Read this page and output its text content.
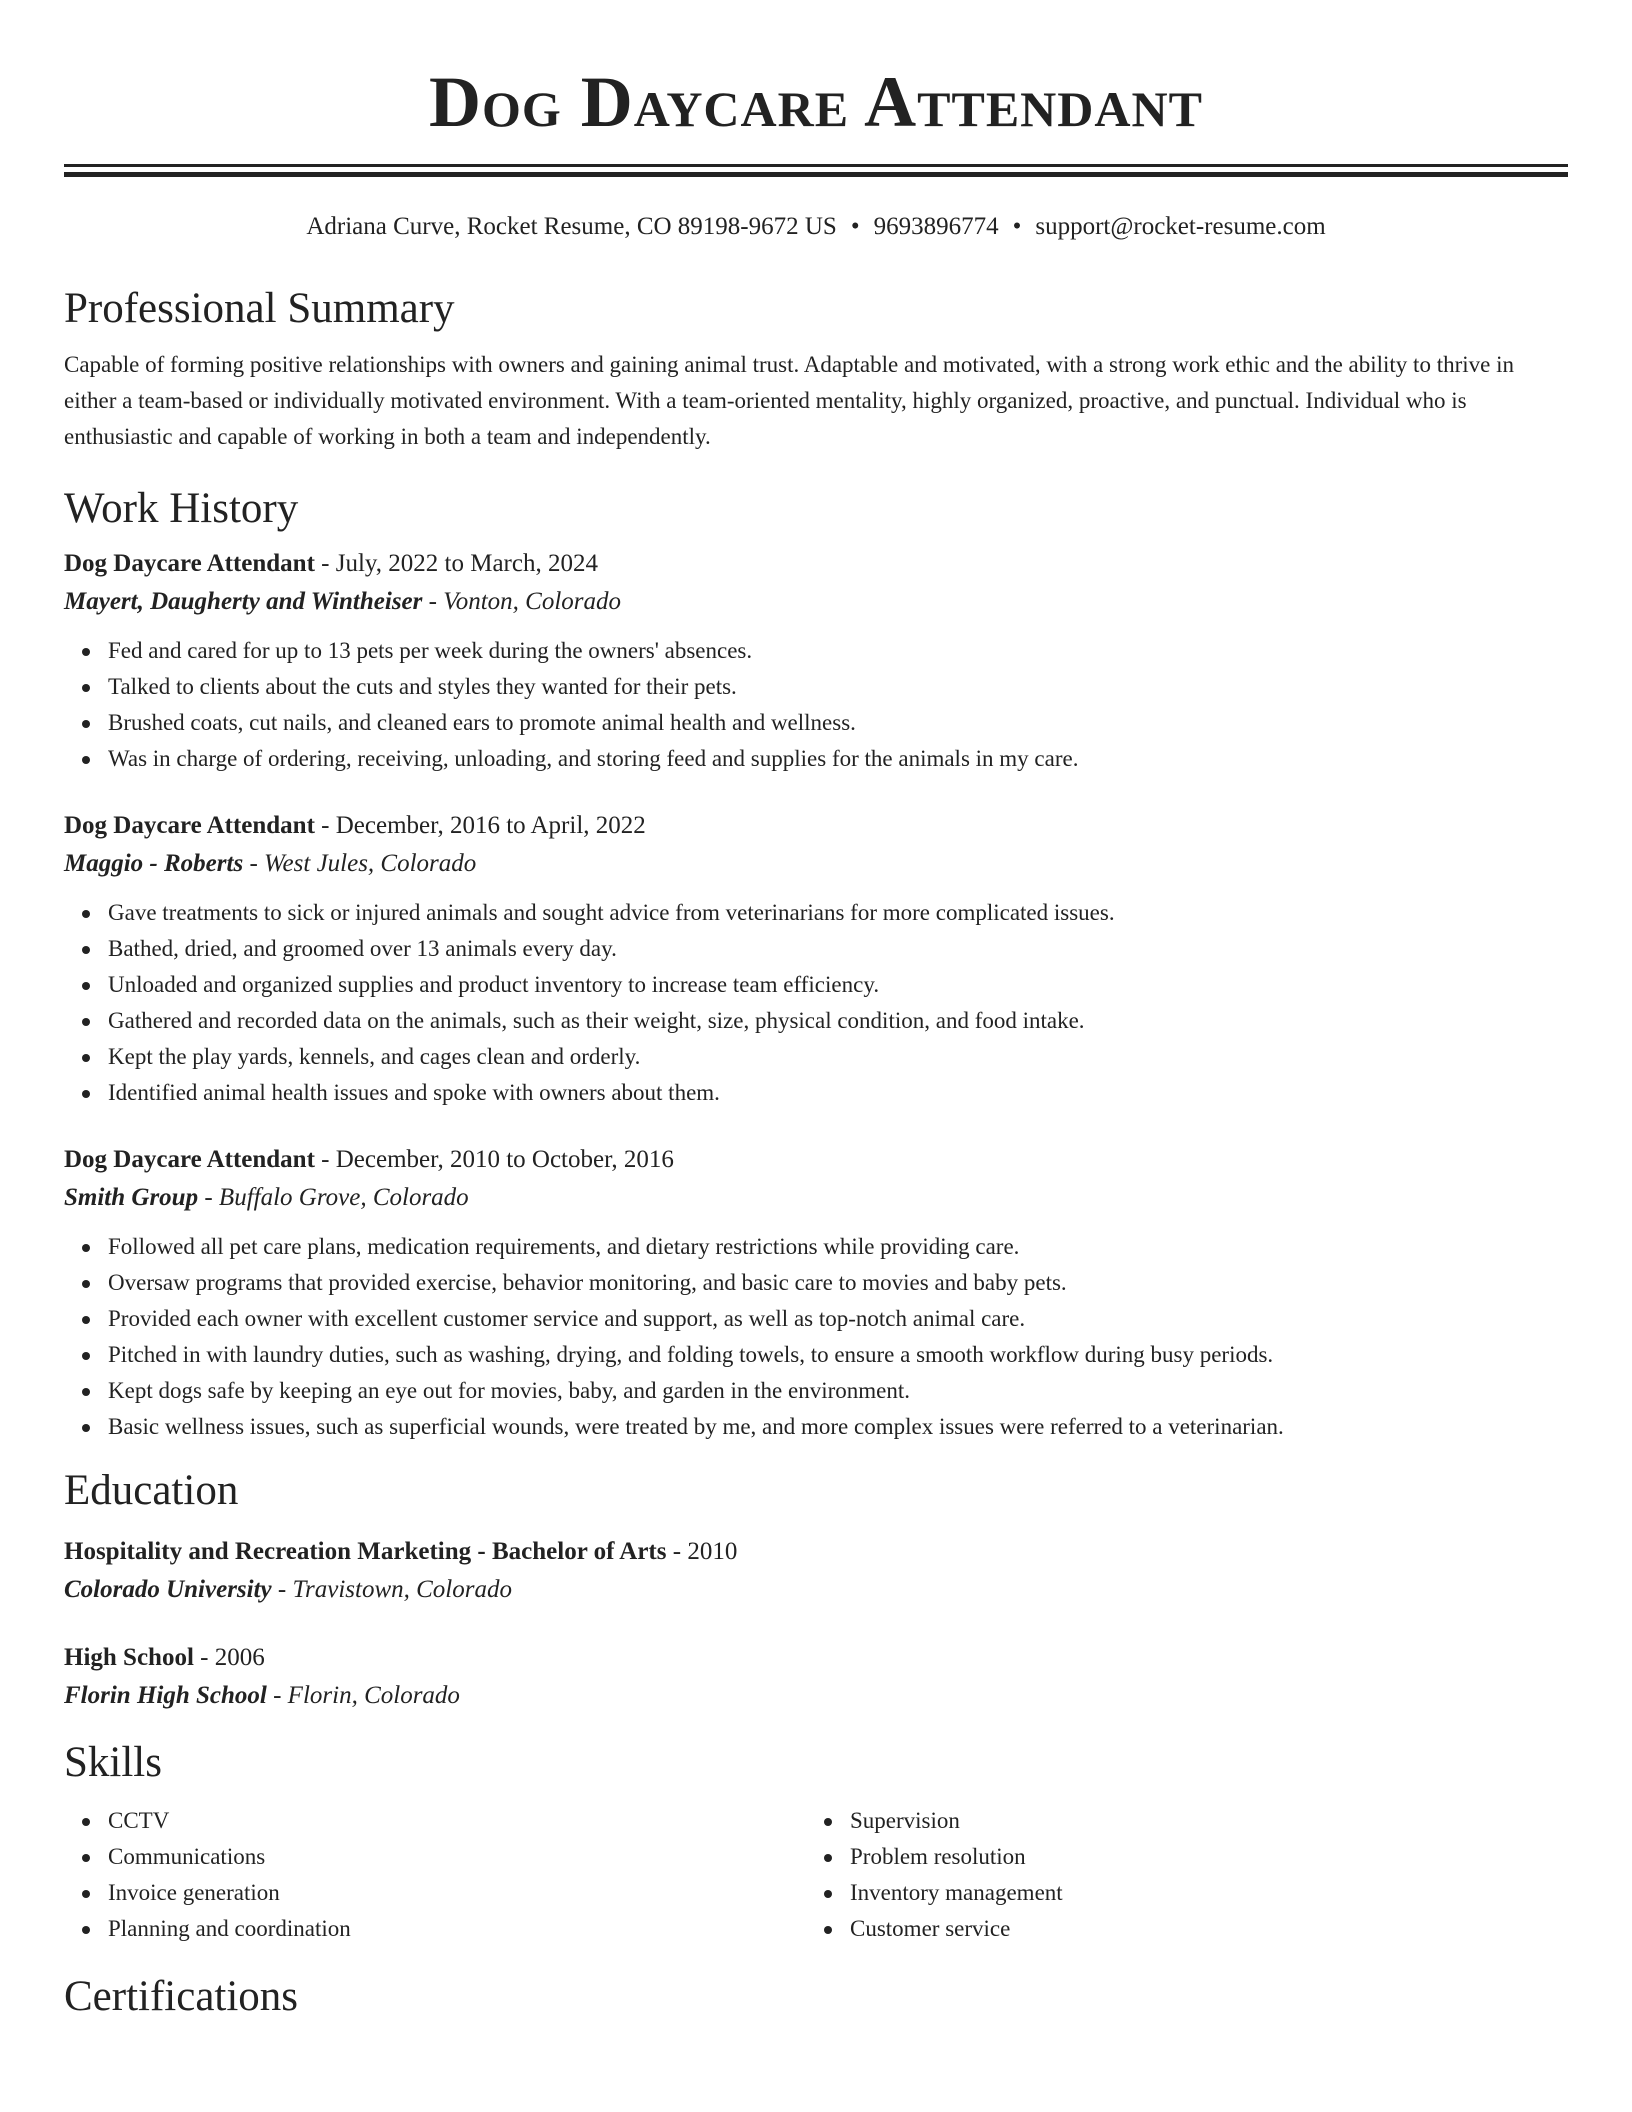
Dog Daycare Attendant
Adriana Curve, Rocket Resume, CO 89198-9672 US • 9693896774 • support@rocket-resume.com
Professional Summary
Capable of forming positive relationships with owners and gaining animal trust. Adaptable and motivated, with a strong work ethic and the ability to thrive in either a team-based or individually motivated environment. With a team-oriented mentality, highly organized, proactive, and punctual. Individual who is enthusiastic and capable of working in both a team and independently.
Work History
Dog Daycare Attendant - July, 2022 to March, 2024
Mayert, Daugherty and Wintheiser - Vonton, Colorado
Fed and cared for up to 13 pets per week during the owners' absences.
Talked to clients about the cuts and styles they wanted for their pets.
Brushed coats, cut nails, and cleaned ears to promote animal health and wellness.
Was in charge of ordering, receiving, unloading, and storing feed and supplies for the animals in my care.
Dog Daycare Attendant - December, 2016 to April, 2022
Maggio - Roberts - West Jules, Colorado
Gave treatments to sick or injured animals and sought advice from veterinarians for more complicated issues.
Bathed, dried, and groomed over 13 animals every day.
Unloaded and organized supplies and product inventory to increase team efficiency.
Gathered and recorded data on the animals, such as their weight, size, physical condition, and food intake.
Kept the play yards, kennels, and cages clean and orderly.
Identified animal health issues and spoke with owners about them.
Dog Daycare Attendant - December, 2010 to October, 2016
Smith Group - Buffalo Grove, Colorado
Followed all pet care plans, medication requirements, and dietary restrictions while providing care.
Oversaw programs that provided exercise, behavior monitoring, and basic care to movies and baby pets.
Provided each owner with excellent customer service and support, as well as top-notch animal care.
Pitched in with laundry duties, such as washing, drying, and folding towels, to ensure a smooth workflow during busy periods.
Kept dogs safe by keeping an eye out for movies, baby, and garden in the environment.
Basic wellness issues, such as superficial wounds, were treated by me, and more complex issues were referred to a veterinarian.
Education
Hospitality and Recreation Marketing - Bachelor of Arts - 2010
Colorado University - Travistown, Colorado
High School - 2006
Florin High School - Florin, Colorado
Skills
CCTV
Communications
Invoice generation
Planning and coordination
Supervision
Problem resolution
Inventory management
Customer service
Certifications
